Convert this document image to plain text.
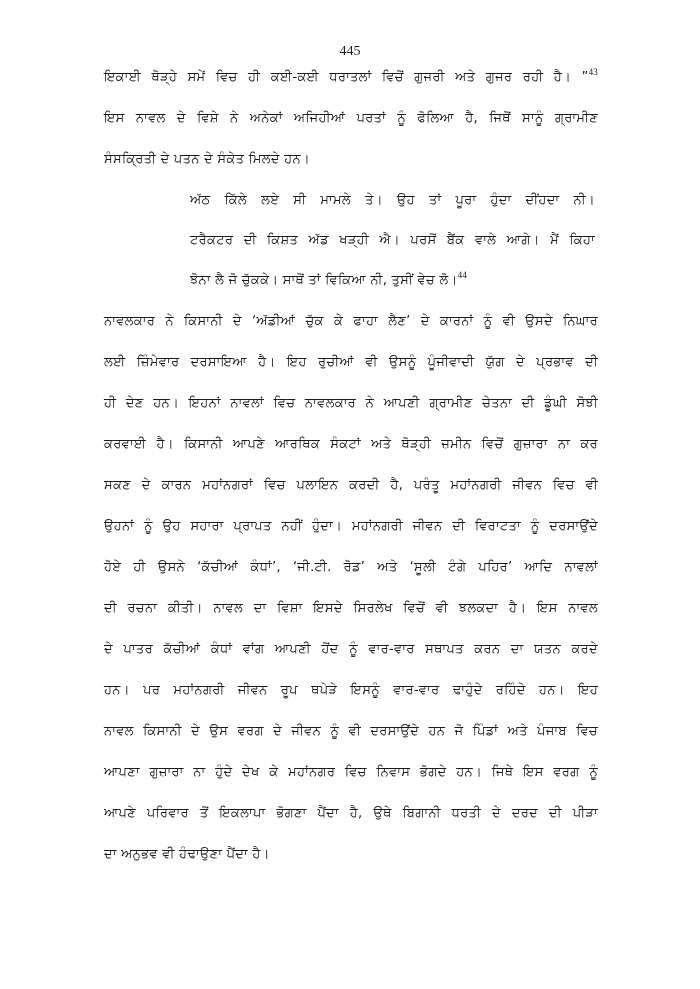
445
ਇਕਾਈ ਥੋੜ੍ਹੇ ਸਮੇਂ ਵਿਚ ਹੀ ਕਈ-ਕਈ ਧਰਾਤਲਾਂ ਵਿਚੋਂ ਗੁਜਰੀ ਅਤੇ ਗੁਜਰ ਰਹੀ ਹੈ। ”$^{43}$
ਇਸ ਨਾਵਲ ਦੇ ਵਿਸ਼ੇ ਨੇ ਅਨੇਕਾਂ ਅਜਿਹੀਆਂ ਪਰਤਾਂ ਨੂੰ ਫੋਲਿਆ ਹੈ, ਜਿਥੋਂ ਸਾਨੂੰ ਗ੍ਰਾਮੀਣ
ਸੰਸਕ੍ਰਿਤੀ ਦੇ ਪਤਨ ਦੇ ਸੰਕੇਤ ਮਿਲਦੇ ਹਨ।
ਅੱਠ ਕਿੱਲੇ ਲਏ ਸੀ ਮਾਮਲੇ ਤੇ। ਉਹ ਤਾਂ ਪੂਰਾ ਹੁੰਦਾ ਦੀਂਹਦਾ ਨੀ।
ਟਰੈਕਟਰ ਦੀ ਕਿਸ਼ਤ ਅੱਡ ਖੜ੍ਹੀ ਐ। ਪਰਸੋਂ ਬੈਂਕ ਵਾਲੇ ਆਗੇ। ਮੈਂ ਕਿਹਾ
ਝੋਨਾ ਲੈ ਜੋ ਚੁੱਕਕੇ। ਸਾਥੋਂ ਤਾਂ ਵਿਕਿਆ ਨੀ, ਤੁਸੀਂ ਵੇਚ ਲੋ।$^{44}$
ਨਾਵਲਕਾਰ ਨੇ ਕਿਸਾਨੀ ਦੇ ‘ਅੱਡੀਆਂ ਚੁੱਕ ਕੇ ਫਾਹਾ ਲੈਣ’ ਦੇ ਕਾਰਨਾਂ ਨੂੰ ਵੀ ਉਸਦੇ ਨਿਘਾਰ
ਲਈ ਜ਼ਿੰਮੇਵਾਰ ਦਰਸਾਇਆ ਹੈ। ਇਹ ਰੁਚੀਆਂ ਵੀ ਉਸਨੂੰ ਪੂੰਜੀਵਾਦੀ ਯੁੱਗ ਦੇ ਪ੍ਰਭਾਵ ਦੀ
ਹੀ ਦੇਣ ਹਨ। ਇਹਨਾਂ ਨਾਵਲਾਂ ਵਿਚ ਨਾਵਲਕਾਰ ਨੇ ਆਪਣੀ ਗ੍ਰਾਮੀਣ ਚੇਤਨਾ ਦੀ ਡੂੰਘੀ ਸੋਝੀ
ਕਰਵਾਈ ਹੈ। ਕਿਸਾਨੀ ਆਪਣੇ ਆਰਥਿਕ ਸੰਕਟਾਂ ਅਤੇ ਥੋੜ੍ਹੀ ਜ਼ਮੀਨ ਵਿਚੋਂ ਗੁਜ਼ਾਰਾ ਨਾ ਕਰ
ਸਕਣ ਦੇ ਕਾਰਨ ਮਹਾਂਨਗਰਾਂ ਵਿਚ ਪਲਾਇਨ ਕਰਦੀ ਹੈ, ਪਰੰਤੂ ਮਹਾਂਨਗਰੀ ਜੀਵਨ ਵਿਚ ਵੀ
ਉਹਨਾਂ ਨੂੰ ਉਹ ਸਹਾਰਾ ਪ੍ਰਾਪਤ ਨਹੀਂ ਹੁੰਦਾ। ਮਹਾਂਨਗਰੀ ਜੀਵਨ ਦੀ ਵਿਰਾਟਤਾ ਨੂੰ ਦਰਸਾਉਂਦੇ
ਹੋਏ ਹੀ ਉਸਨੇ ‘ਕੱਚੀਆਂ ਕੰਧਾਂ’, ‘ਜੀ.ਟੀ. ਰੋਡ’ ਅਤੇ ‘ਸੂਲੀ ਟੰਗੇ ਪਹਿਰ’ ਆਦਿ ਨਾਵਲਾਂ
ਦੀ ਰਚਨਾ ਕੀਤੀ। ਨਾਵਲ ਦਾ ਵਿਸ਼ਾ ਇਸਦੇ ਸਿਰਲੇਖ ਵਿਚੋਂ ਵੀ ਝਲਕਦਾ ਹੈ। ਇਸ ਨਾਵਲ
ਦੇ ਪਾਤਰ ਕੱਚੀਆਂ ਕੰਧਾਂ ਵਾਂਗ ਆਪਣੀ ਹੋਂਦ ਨੂੰ ਵਾਰ-ਵਾਰ ਸਥਾਪਤ ਕਰਨ ਦਾ ਯਤਨ ਕਰਦੇ
ਹਨ। ਪਰ ਮਹਾਂਨਗਰੀ ਜੀਵਨ ਰੂਪ ਥਪੇੜੇ ਇਸਨੂੰ ਵਾਰ-ਵਾਰ ਢਾਹੁੰਦੇ ਰਹਿੰਦੇ ਹਨ। ਇਹ
ਨਾਵਲ ਕਿਸਾਨੀ ਦੇ ਉਸ ਵਰਗ ਦੇ ਜੀਵਨ ਨੂੰ ਵੀ ਦਰਸਾਉਂਦੇ ਹਨ ਜੋ ਪਿੰਡਾਂ ਅਤੇ ਪੰਜਾਬ ਵਿਚ
ਆਪਣਾ ਗੁਜ਼ਾਰਾ ਨਾ ਹੁੰਦੇ ਦੇਖ ਕੇ ਮਹਾਂਨਗਰ ਵਿਚ ਨਿਵਾਸ ਭੋਗਦੇ ਹਨ। ਜਿਥੇ ਇਸ ਵਰਗ ਨੂੰ
ਆਪਣੇ ਪਰਿਵਾਰ ਤੋਂ ਇਕਲਾਪਾ ਭੋਗਣਾ ਪੈਂਦਾ ਹੈ, ਉਥੇ ਬਿਗਾਨੀ ਧਰਤੀ ਦੇ ਦਰਦ ਦੀ ਪੀੜਾ
ਦਾ ਅਨੁਭਵ ਵੀ ਹੰਢਾਉਣਾ ਪੈਂਦਾ ਹੈ।
